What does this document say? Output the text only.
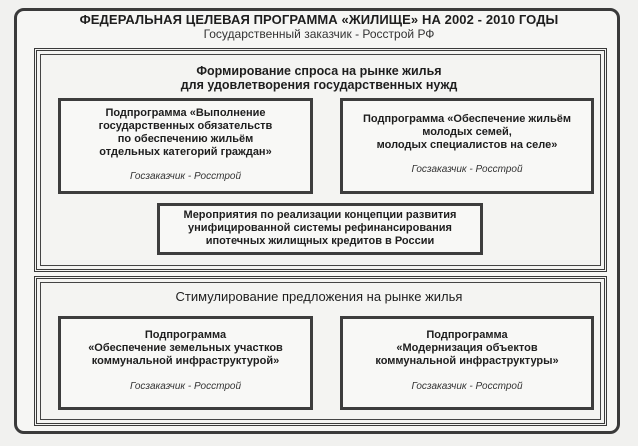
ФЕДЕРАЛЬНАЯ ЦЕЛЕВАЯ ПРОГРАММА «ЖИЛИЩЕ» НА 2002 - 2010 ГОДЫ
Государственный заказчик - Росстрой РФ
Формирование спроса на рынке жилья
для удовлетворения государственных нужд
Подпрограмма «Выполнение
государственных обязательств
по обеспечению жильём
отдельных категорий граждан»
Госзаказчик - Росстрой
Подпрограмма «Обеспечение жильём
молодых семей,
молодых специалистов на селе»
Госзаказчик - Росстрой
Мероприятия по реализации концепции развития
унифицированной системы рефинансирования
ипотечных жилищных кредитов в России
Стимулирование предложения на рынке жилья
Подпрограмма
«Обеспечение земельных участков
коммунальной инфраструктурой»
Госзаказчик - Росстрой
Подпрограмма
«Модернизация объектов
коммунальной инфраструктуры»
Госзаказчик - Росстрой
